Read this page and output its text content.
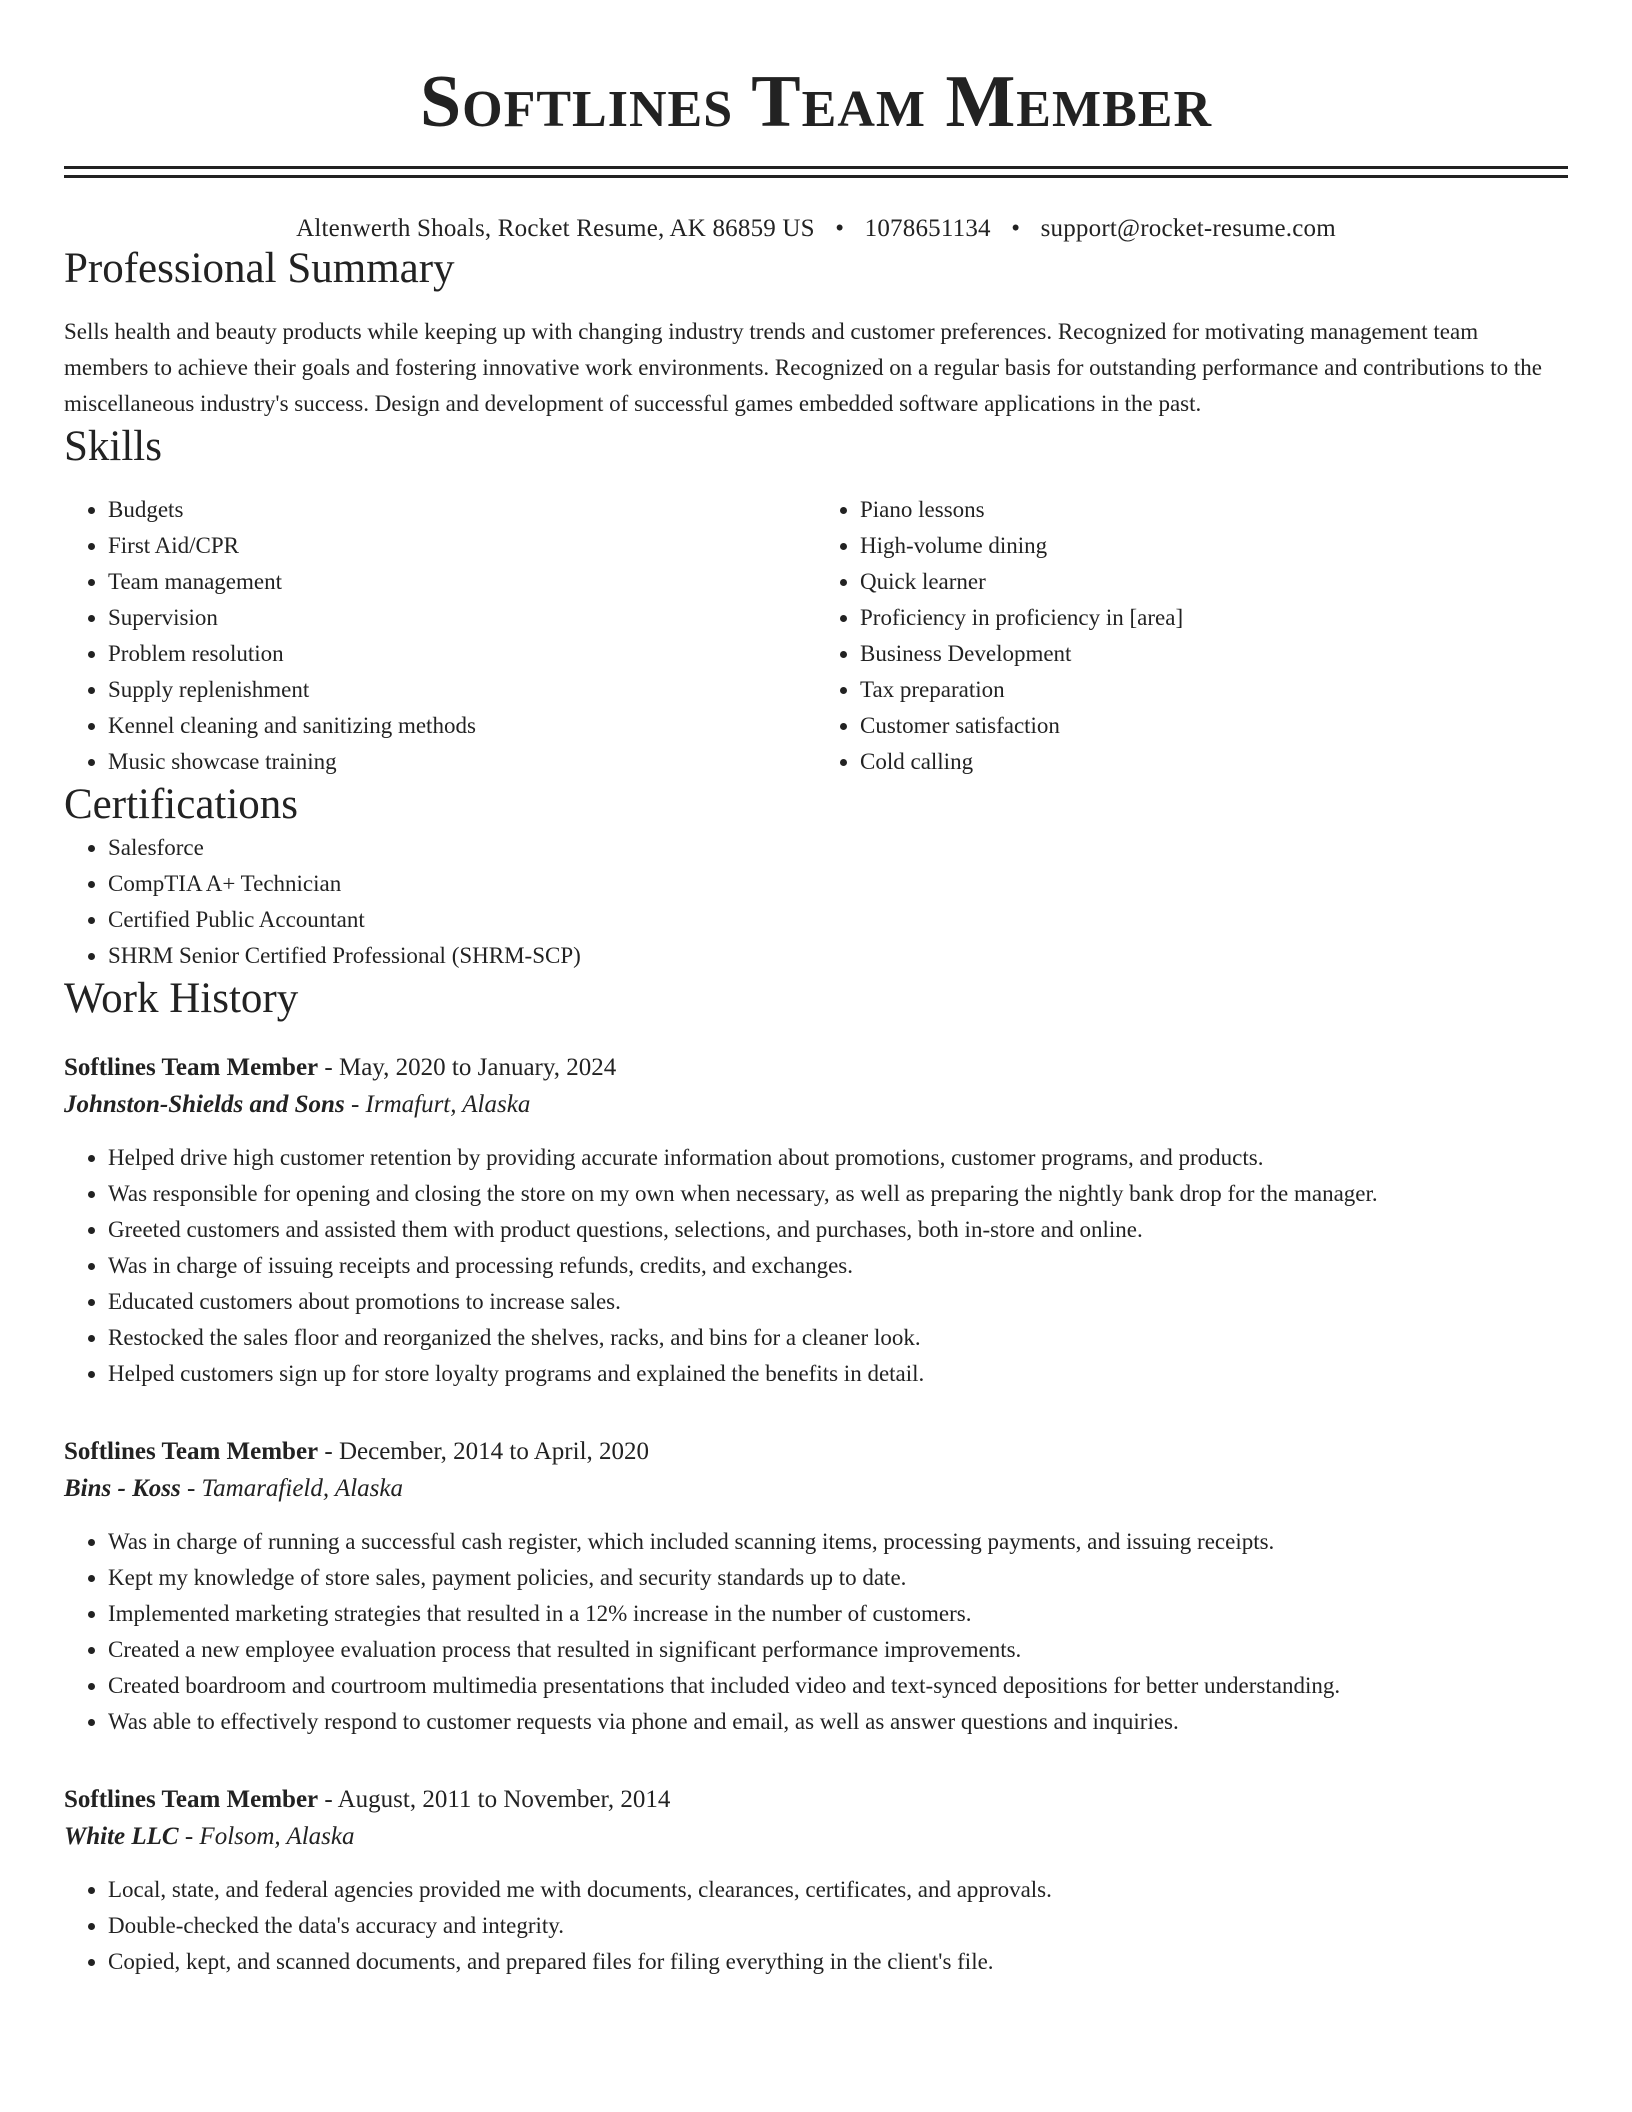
Softlines Team Member
Altenwerth Shoals, Rocket Resume, AK 86859 US • 1078651134 • support@rocket-resume.com
Professional Summary

Sells health and beauty products while keeping up with changing industry trends and customer preferences. Recognized for motivating management team members to achieve their goals and fostering innovative work environments. Recognized on a regular basis for outstanding performance and contributions to the miscellaneous industry's success. Design and development of successful games embedded software applications in the past.

Skills
• Budgets
• First Aid/CPR
• Team management
• Supervision
• Problem resolution
• Supply replenishment
• Kennel cleaning and sanitizing methods
• Music showcase training
• Piano lessons
• High-volume dining
• Quick learner
• Proficiency in proficiency in [area]
• Business Development
• Tax preparation
• Customer satisfaction
• Cold calling
Certifications
• Salesforce
• CompTIA A+ Technician
• Certified Public Accountant
• SHRM Senior Certified Professional (SHRM-SCP)
Work History
Softlines Team Member - May, 2020 to January, 2024
Johnston-Shields and Sons - Irmafurt, Alaska
• Helped drive high customer retention by providing accurate information about promotions, customer programs, and products.
• Was responsible for opening and closing the store on my own when necessary, as well as preparing the nightly bank drop for the manager.
• Greeted customers and assisted them with product questions, selections, and purchases, both in-store and online.
• Was in charge of issuing receipts and processing refunds, credits, and exchanges.
• Educated customers about promotions to increase sales.
• Restocked the sales floor and reorganized the shelves, racks, and bins for a cleaner look.
• Helped customers sign up for store loyalty programs and explained the benefits in detail.
Softlines Team Member - December, 2014 to April, 2020
Bins - Koss - Tamarafield, Alaska
• Was in charge of running a successful cash register, which included scanning items, processing payments, and issuing receipts.
• Kept my knowledge of store sales, payment policies, and security standards up to date.
• Implemented marketing strategies that resulted in a 12% increase in the number of customers.
• Created a new employee evaluation process that resulted in significant performance improvements.
• Created boardroom and courtroom multimedia presentations that included video and text-synced depositions for better understanding.
• Was able to effectively respond to customer requests via phone and email, as well as answer questions and inquiries.
Softlines Team Member - August, 2011 to November, 2014
White LLC - Folsom, Alaska
• Local, state, and federal agencies provided me with documents, clearances, certificates, and approvals.
• Double-checked the data's accuracy and integrity.
• Copied, kept, and scanned documents, and prepared files for filing everything in the client's file.
